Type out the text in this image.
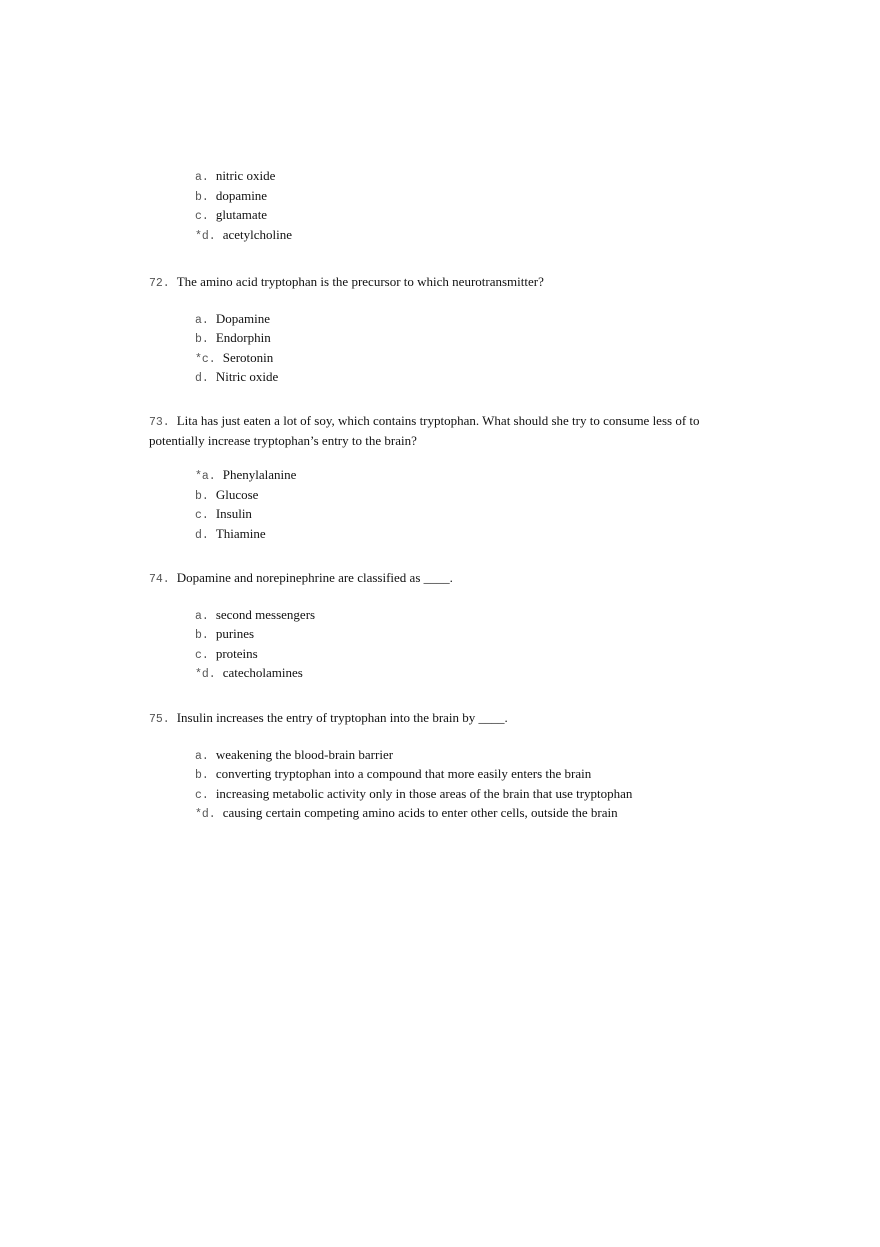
a. nitric oxide
b. dopamine
c. glutamate
*d. acetylcholine
72. The amino acid tryptophan is the precursor to which neurotransmitter?
a. Dopamine
b. Endorphin
*c. Serotonin
d. Nitric oxide
73. Lita has just eaten a lot of soy, which contains tryptophan. What should she try to consume less of to potentially increase tryptophan’s entry to the brain?
*a. Phenylalanine
b. Glucose
c. Insulin
d. Thiamine
74. Dopamine and norepinephrine are classified as ____.
a. second messengers
b. purines
c. proteins
*d. catecholamines
75. Insulin increases the entry of tryptophan into the brain by ____.
a. weakening the blood-brain barrier
b. converting tryptophan into a compound that more easily enters the brain
c. increasing metabolic activity only in those areas of the brain that use tryptophan
*d. causing certain competing amino acids to enter other cells, outside the brain
